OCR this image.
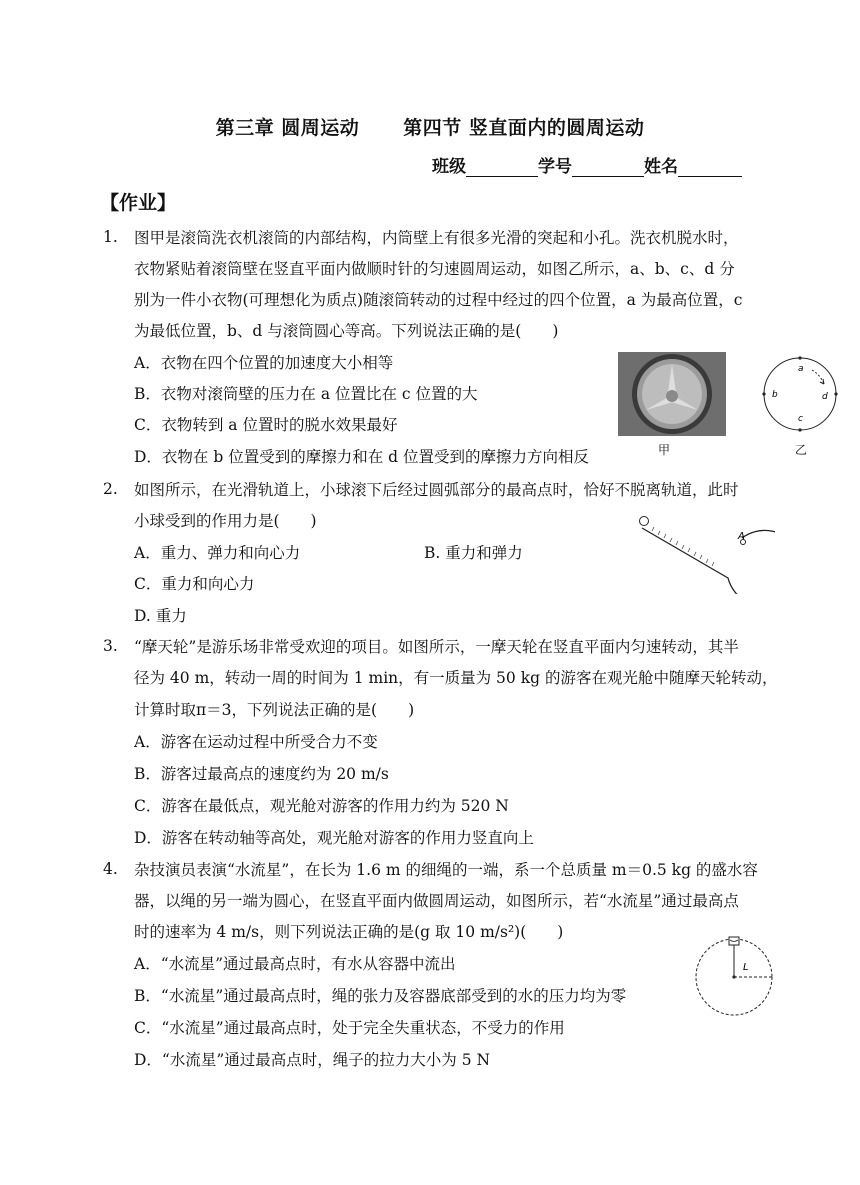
第三章 圆周运动 第四节 竖直面内的圆周运动
班级	学号	姓名
【作业】
1. 图甲是滚筒洗衣机滚筒的内部结构，内筒壁上有很多光滑的突起和小孔。洗衣机脱水时，
衣物紧贴着滚筒壁在竖直平面内做顺时针的匀速圆周运动，如图乙所示，a、b、c、d 分
别为一件小衣物(可理想化为质点)随滚筒转动的过程中经过的四个位置，a 为最高位置，c
为最低位置，b、d 与滚筒圆心等高。下列说法正确的是(　　)
A．衣物在四个位置的加速度大小相等
B．衣物对滚筒壁的压力在 a 位置比在 c 位置的大
C．衣物转到 a 位置时的脱水效果最好
D．衣物在 b 位置受到的摩擦力和在 d 位置受到的摩擦力方向相反	甲
a
b
c
d
乙
2. 如图所示，在光滑轨道上，小球滚下后经过圆弧部分的最高点时，恰好不脱离轨道，此时
小球受到的作用力是(　　)
A．重力、弹力和向心力	B. 重力和弹力
C．重力和向心力
D. 重力
A
3. “摩天轮”是游乐场非常受欢迎的项目。如图所示，一摩天轮在竖直平面内匀速转动，其半
径为 40 m，转动一周的时间为 1 min，有一质量为 50 kg 的游客在观光舱中随摩天轮转动，
计算时取π＝3，下列说法正确的是(　　)
A．游客在运动过程中所受合力不变
B．游客过最高点的速度约为 20 m/s
C．游客在最低点，观光舱对游客的作用力约为 520 N
D．游客在转动轴等高处，观光舱对游客的作用力竖直向上
4. 杂技演员表演“水流星”，在长为 1.6 m 的细绳的一端，系一个总质量 m＝0.5 kg 的盛水容
器，以绳的另一端为圆心，在竖直平面内做圆周运动，如图所示，若“水流星”通过最高点
时的速率为 4 m/s，则下列说法正确的是(g 取 10 m/s²)(　　)
A．“水流星”通过最高点时，有水从容器中流出
B．“水流星”通过最高点时，绳的张力及容器底部受到的水的压力均为零
C．“水流星”通过最高点时，处于完全失重状态，不受力的作用
D．“水流星”通过最高点时，绳子的拉力大小为 5 N
L
